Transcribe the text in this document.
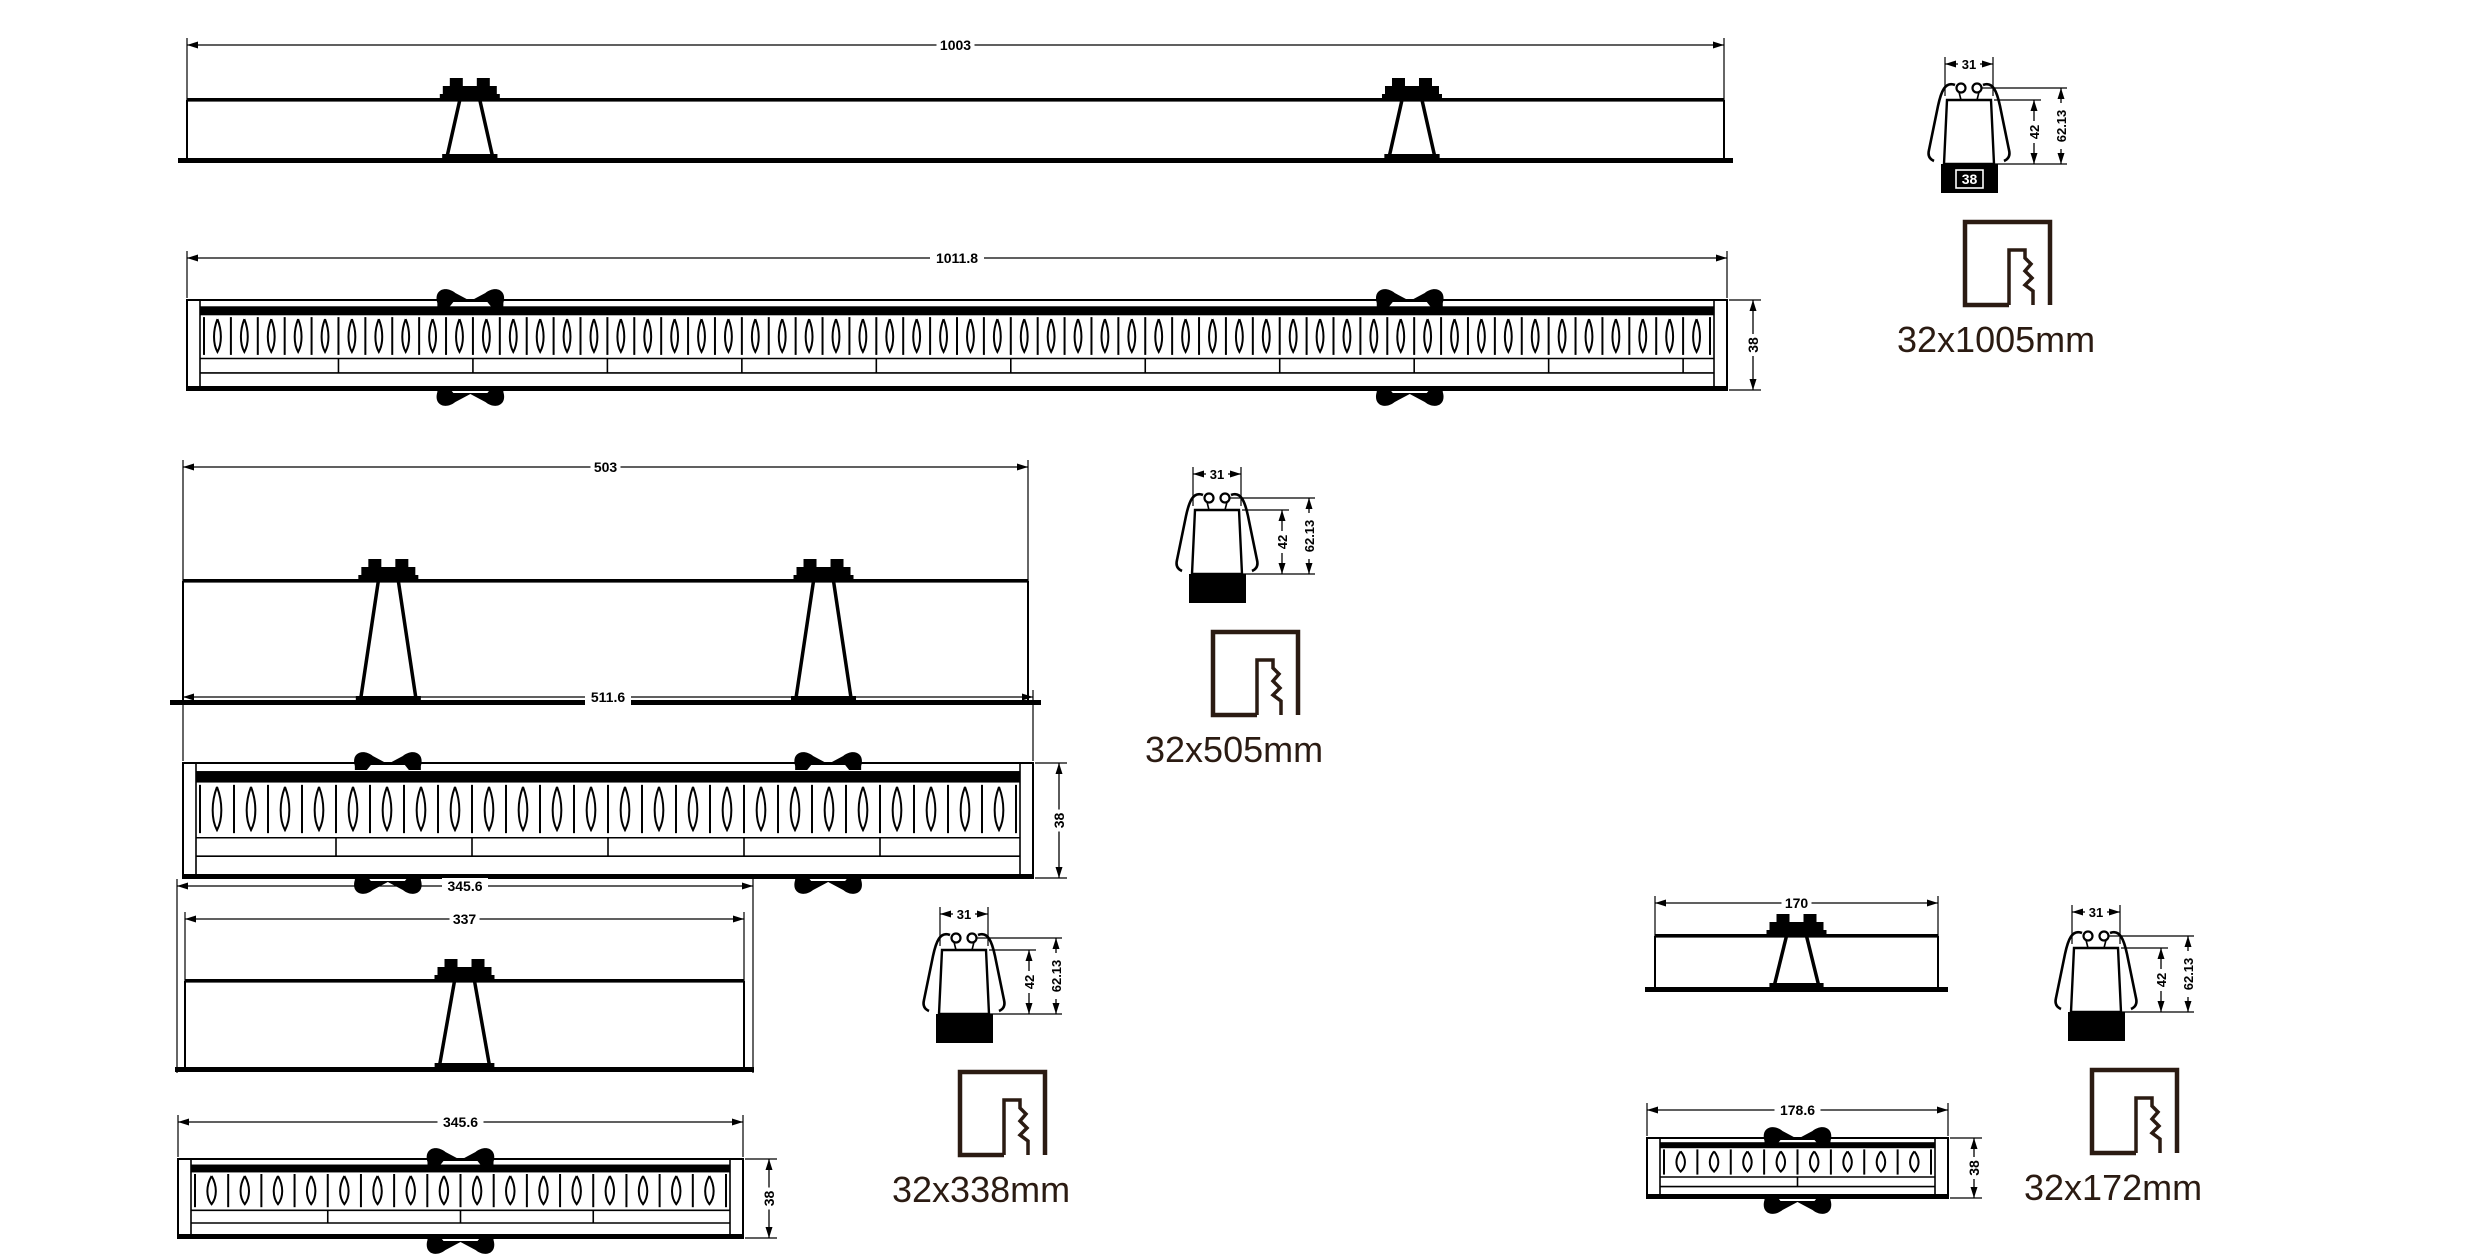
1003
1011.8
38
31
42 62.13
38
32x1005mm
503
511.6
38
31
42 62.13
32x505mm
345.6
337
345.6
38
31
42 62.13
32x338mm
170
178.6
38
31
42 62.13
32x172mm
